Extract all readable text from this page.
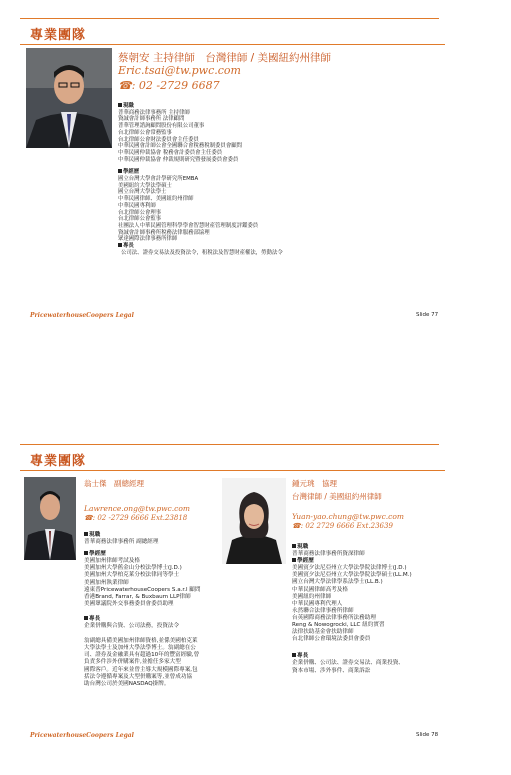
專業團隊
蔡朝安 主持律師　台灣律師 / 美國紐約州律師
Eric.tsai@tw.pwc.com
☎: 02 -2729 6687
現職
普華商務法律事務所 主持律師
資誠會計師事務所 法律顧問
普華管理諮詢顧問股份有限公司董事
台北律師公會常務監事
台北律師公會財法委員會主任委員
中華民國會計師公會全國聯合會稅務稅制委員會顧問
中華民國仲裁協會 稅務會計委員會主任委員
中華民國仲裁協會 仲裁規則研究暨發展委員會委員
學經歷
國立台灣大學會計學研究所EMBA
美國紐約大學法學碩士
國立台灣大學法學士
中華民國律師、美國紐約州律師
中華民國專利師
台北律師公會理事
台北律師公會監事
社團法人中華民國管理科學學會智慧財產管理制度評鑑委員
資誠會計師事務所稅務法律服務部協理
眾達國際法律事務所律師
專長
公司法、證券交易法及投資法令，租稅法及智慧財產權法，勞動法令
PricewaterhouseCoopers Legal	Slide 77
專業團隊
翁士傑　副總經理
Lawrence.ong@tw.pwc.com
☎: 02 -2729 6666 Ext.23818
現職
普華商務法律事務所 副總經理
學經歷
美國加州律師考試及格
美國加州大學舊金山分校法學博士(J.D.)
美國加州大學柏克萊分校法律同等學士
美國加州執業律師
遠東普PricewaterhouseCoopers S.a.r.l 顧問
香港Brand, Farrar, & Buxbaum LLP律師
美國眾議院外交事務委員會委員助理
專長
企業併購與合資、公司法務，投資法令
翁副總具備美國加州律師資格,並係美國柏克萊
大學法學士及加州大學法學博士。翁副總在公
司、證券及金融業具有超過10年的豐富經驗,曾
負責多件涉外併購案件,並擔任多家大型
國際客戶。近年來並曾主導大規模國際專案,包
括法令遵循專案及大型併購案等,並曾成功協
助台灣公司於美國NASDAQ掛牌。
鍾元珧　協理
台灣律師 / 美國紐約州律師
Yuan-yao.chung@tw.pwc.com
☎: 02 2729 6666 Ext.23639
現職
普華商務法律事務所資深律師
學經歷
美國賓夕法尼亞州立大學法學院法律博士(J.D.)
美國賓夕法尼亞州立大學法學院法學碩士(LL.M.)
國立台灣大學法律學系法學士(LL.B.)
中華民國律師高考及格
美國紐約州律師
中華民國專利代理人
永然聯合法律事務所律師
台英國際商務法律事務所法務助理
Reng & Nowogrocki, LLC 紐約實習
法律扶助基金會扶助律師
台北律師公會環境法委員會委員
專長
企業併購、公司法、證券交易法、商業投資、
資本市場、涉外事件、商業訴訟
PricewaterhouseCoopers Legal	Slide 78
